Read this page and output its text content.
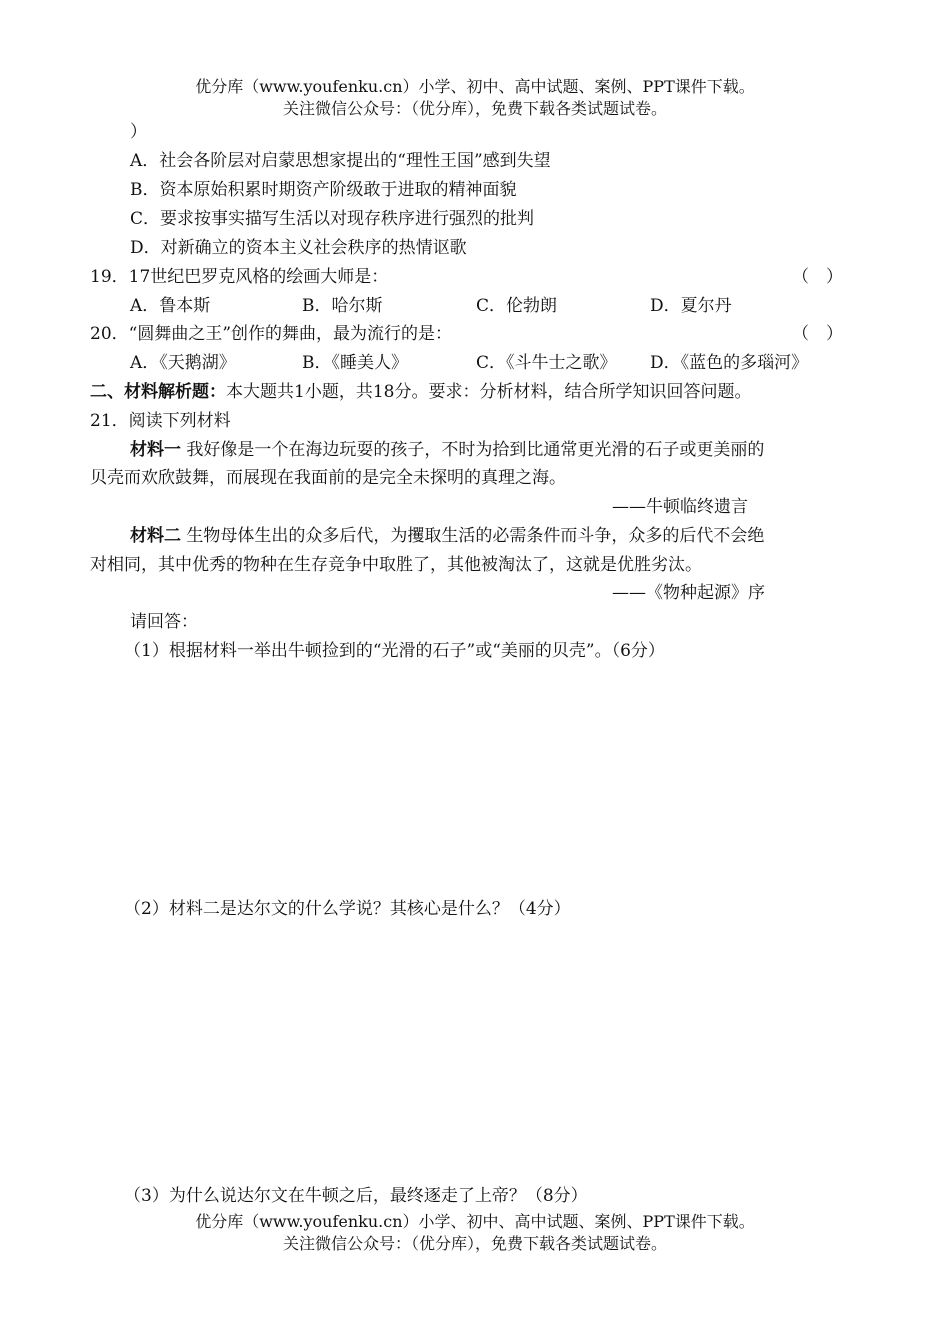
优分库（www.youfenku.cn）小学、初中、高中试题、案例、PPT课件下载。
关注微信公众号：（优分库），免费下载各类试题试卷。
）
A．社会各阶层对启蒙思想家提出的“理性王国”感到失望
B．资本原始积累时期资产阶级敢于进取的精神面貌
C．要求按事实描写生活以对现存秩序进行强烈的批判
D．对新确立的资本主义社会秩序的热情讴歌
19．17世纪巴罗克风格的绘画大师是：	（　）
A．鲁本斯	B．哈尔斯	C．伦勃朗	D．夏尔丹
20．“圆舞曲之王”创作的舞曲，最为流行的是：	（　）
A．《天鹅湖》	B．《睡美人》	C．《斗牛士之歌》 D．《蓝色的多瑙河》
二、材料解析题：本大题共1小题，共18分。要求：分析材料，结合所学知识回答问题。
21．阅读下列材料
材料一 我好像是一个在海边玩耍的孩子，不时为拾到比通常更光滑的石子或更美丽的
贝壳而欢欣鼓舞，而展现在我面前的是完全未探明的真理之海。
——牛顿临终遗言
材料二 生物母体生出的众多后代，为攫取生活的必需条件而斗争，众多的后代不会绝
对相同，其中优秀的物种在生存竞争中取胜了，其他被淘汰了，这就是优胜劣汰。
——《物种起源》序
请回答：
（1）根据材料一举出牛顿捡到的“光滑的石子”或“美丽的贝壳”。（6分）
（2）材料二是达尔文的什么学说？其核心是什么？（4分）
（3）为什么说达尔文在牛顿之后，最终逐走了上帝？（8分）
优分库（www.youfenku.cn）小学、初中、高中试题、案例、PPT课件下载。
关注微信公众号：（优分库），免费下载各类试题试卷。
